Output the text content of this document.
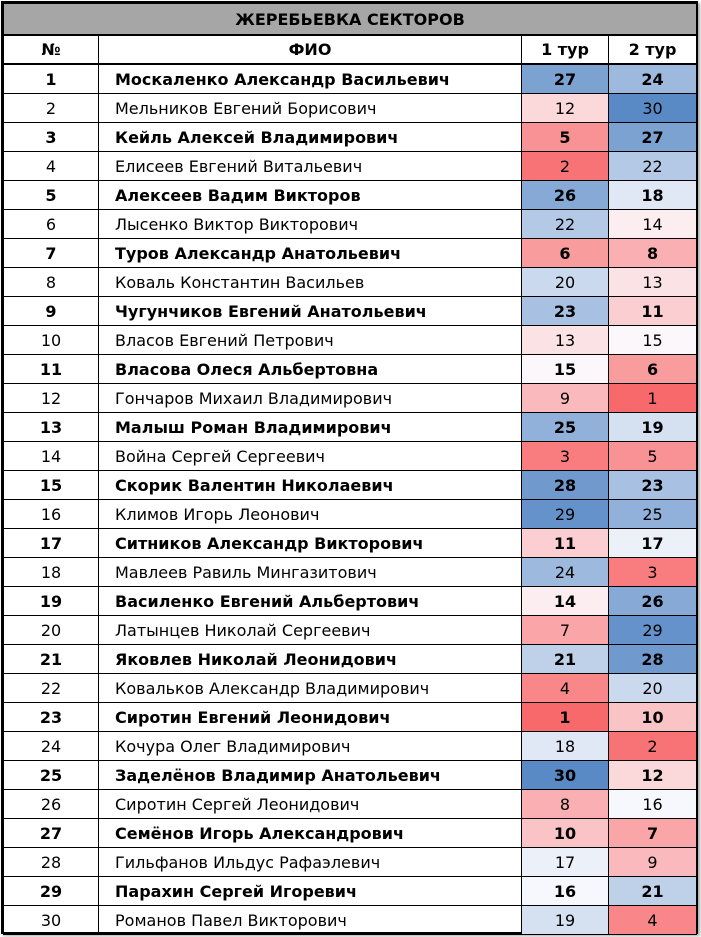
ЖЕРЕБЬЕВКА СЕКТОРОВ			
№	ФИО	1 тур	2 тур
1	Москаленко Александр Васильевич	27	24
2	Мельников Евгений Борисович	12	30
3	Кейль Алексей Владимирович	5	27
4	Елисеев Евгений Витальевич	2	22
5	Алексеев Вадим Викторов	26	18
6	Лысенко Виктор Викторович	22	14
7	Туров Александр Анатольевич	6	8
8	Коваль Константин Васильев	20	13
9	Чугунчиков Евгений Анатольевич	23	11
10	Власов Евгений Петрович	13	15
11	Власова Олеся Альбертовна	15	6
12	Гончаров Михаил Владимирович	9	1
13	Малыш Роман Владимирович	25	19
14	Война Сергей Сергеевич	3	5
15	Скорик Валентин Николаевич	28	23
16	Климов Игорь Леонович	29	25
17	Ситников Александр Викторович	11	17
18	Мавлеев Равиль Мингазитович	24	3
19	Василенко Евгений Альбертович	14	26
20	Латынцев Николай Сергеевич	7	29
21	Яковлев Николай Леонидович	21	28
22	Ковальков Александр Владимирович	4	20
23	Сиротин Евгений Леонидович	1	10
24	Кочура Олег Владимирович	18	2
25	Заделёнов Владимир Анатольевич	30	12
26	Сиротин Сергей Леонидович	8	16
27	Семёнов Игорь Александрович	10	7
28	Гильфанов Ильдус Рафаэлевич	17	9
29	Парахин Сергей Игоревич	16	21
30	Романов Павел Викторович	19	4
